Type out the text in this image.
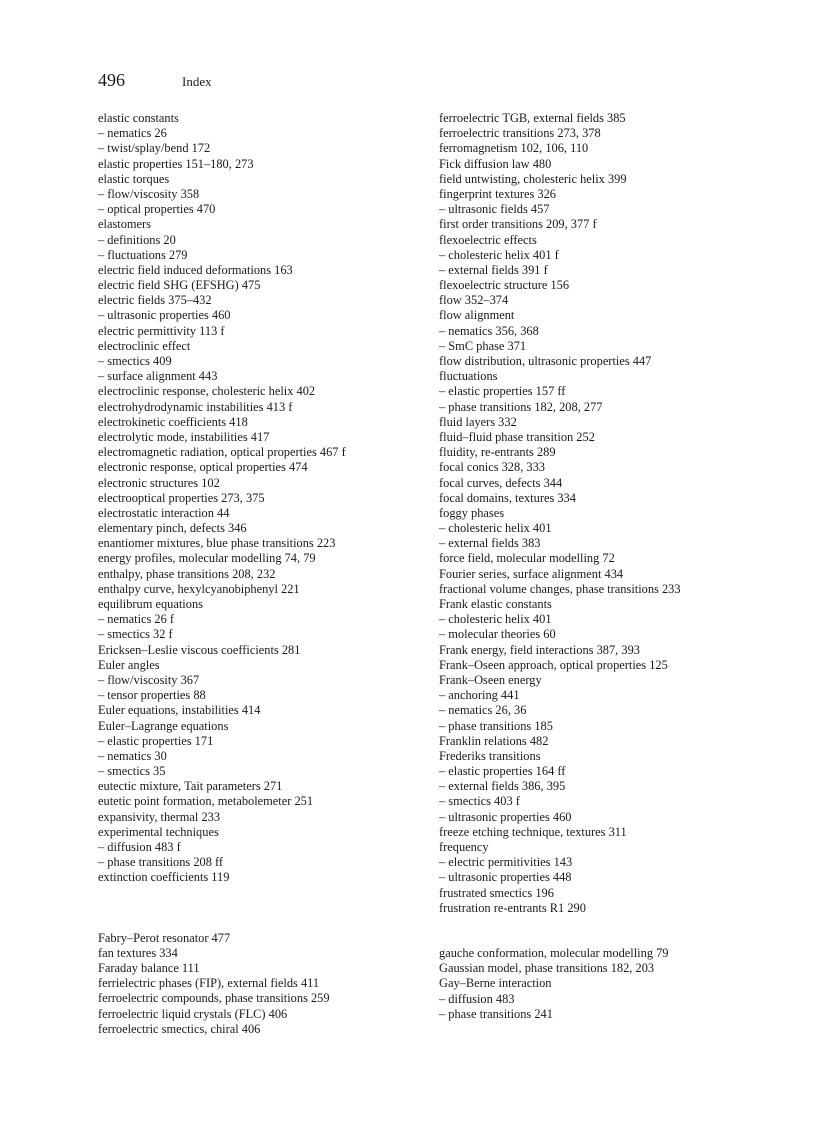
496	Index
elastic constants
– nematics 26
– twist/splay/bend 172
elastic properties 151–180, 273
elastic torques
– flow/viscosity 358
– optical properties 470
elastomers
– definitions 20
– fluctuations 279
electric field induced deformations 163
electric field SHG (EFSHG) 475
electric fields 375–432
– ultrasonic properties 460
electric permittivity 113 f
electroclinic effect
– smectics 409
– surface alignment 443
electroclinic response, cholesteric helix 402
electrohydrodynamic instabilities 413 f
electrokinetic coefficients 418
electrolytic mode, instabilities 417
electromagnetic radiation, optical properties 467 f
electronic response, optical properties 474
electronic structures 102
electrooptical properties 273, 375
electrostatic interaction 44
elementary pinch, defects 346
enantiomer mixtures, blue phase transitions 223
energy profiles, molecular modelling 74, 79
enthalpy, phase transitions 208, 232
enthalpy curve, hexylcyanobiphenyl 221
equilibrum equations
– nematics 26 f
– smectics 32 f
Ericksen–Leslie viscous coefficients 281
Euler angles
– flow/viscosity 367
– tensor properties 88
Euler equations, instabilities 414
Euler–Lagrange equations
– elastic properties 171
– nematics 30
– smectics 35
eutectic mixture, Tait parameters 271
eutetic point formation, metabolemeter 251
expansivity, thermal 233
experimental techniques
– diffusion 483 f
– phase transitions 208 ff
extinction coefficients 119
Fabry–Perot resonator 477
fan textures 334
Faraday balance 111
ferrielectric phases (FIP), external fields 411
ferroelectric compounds, phase transitions 259
ferroelectric liquid crystals (FLC) 406
ferroelectric smectics, chiral 406
ferroelectric TGB, external fields 385
ferroelectric transitions 273, 378
ferromagnetism 102, 106, 110
Fick diffusion law 480
field untwisting, cholesteric helix 399
fingerprint textures 326
– ultrasonic fields 457
first order transitions 209, 377 f
flexoelectric effects
– cholesteric helix 401 f
– external fields 391 f
flexoelectric structure 156
flow 352–374
flow alignment
– nematics 356, 368
– SmC phase 371
flow distribution, ultrasonic properties 447
fluctuations
– elastic properties 157 ff
– phase transitions 182, 208, 277
fluid layers 332
fluid–fluid phase transition 252
fluidity, re-entrants 289
focal conics 328, 333
focal curves, defects 344
focal domains, textures 334
foggy phases
– cholesteric helix 401
– external fields 383
force field, molecular modelling 72
Fourier series, surface alignment 434
fractional volume changes, phase transitions 233
Frank elastic constants
– cholesteric helix 401
– molecular theories 60
Frank energy, field interactions 387, 393
Frank–Oseen approach, optical properties 125
Frank–Oseen energy
– anchoring 441
– nematics 26, 36
– phase transitions 185
Franklin relations 482
Frederiks transitions
– elastic properties 164 ff
– external fields 386, 395
– smectics 403 f
– ultrasonic properties 460
freeze etching technique, textures 311
frequency
– electric permitivities 143
– ultrasonic properties 448
frustrated smectics 196
frustration re-entrants R1 290
gauche conformation, molecular modelling 79
Gaussian model, phase transitions 182, 203
Gay–Berne interaction
– diffusion 483
– phase transitions 241
